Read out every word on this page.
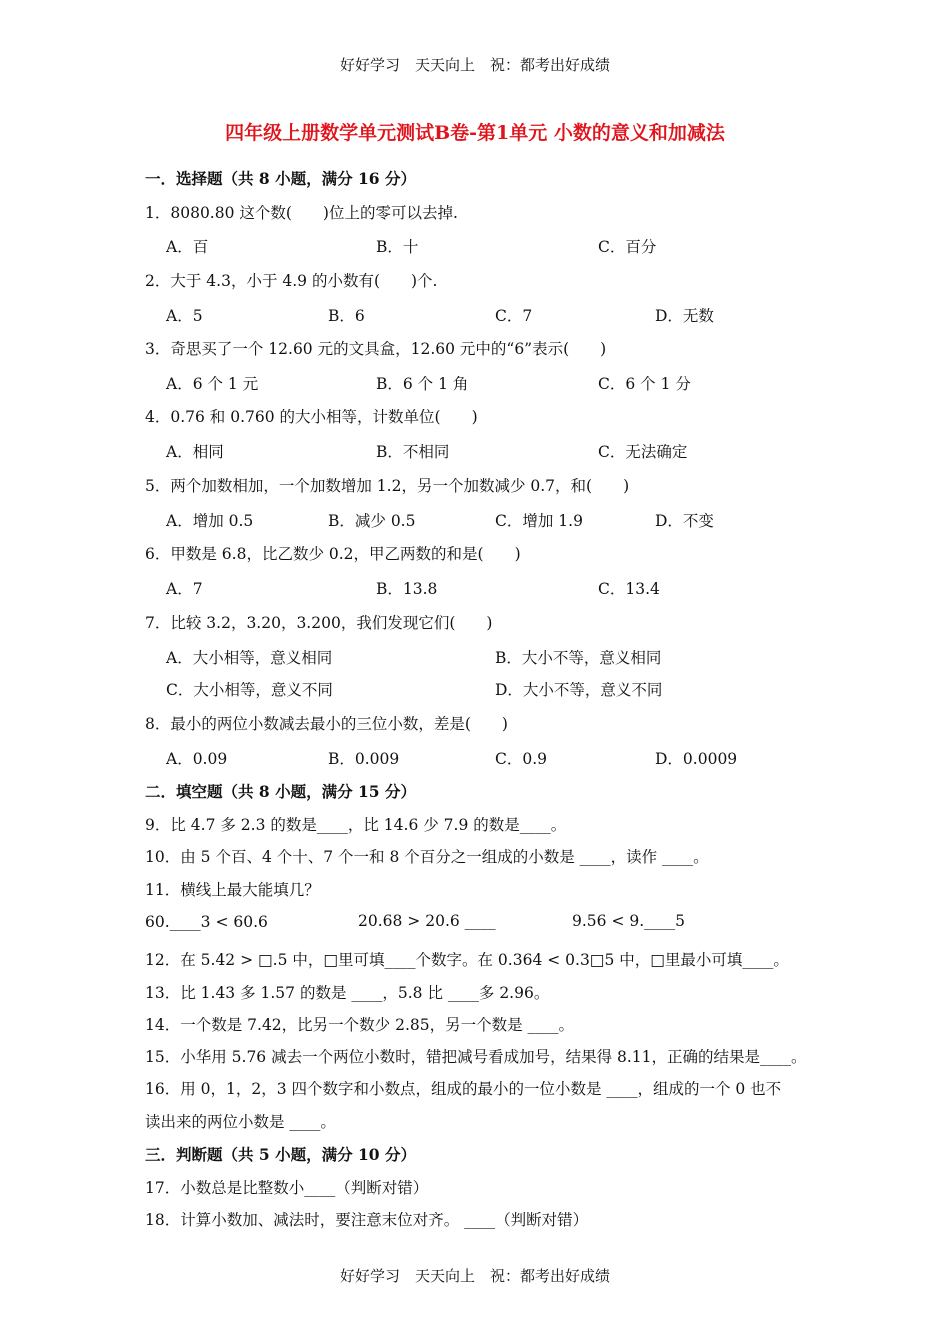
好好学习　天天向上　祝：都考出好成绩
四年级上册数学单元测试B卷-第1单元 小数的意义和加减法
一．选择题（共 8 小题，满分 16 分）
1．8080.80 这个数(　　)位上的零可以去掉.
A．百	B．十	C．百分
2．大于 4.3，小于 4.9 的小数有(　　)个.
A．5	B．6	C．7	D．无数
3．奇思买了一个 12.60 元的文具盒，12.60 元中的“6”表示(　　)
A．6 个 1 元	B．6 个 1 角	C．6 个 1 分
4．0.76 和 0.760 的大小相等，计数单位(　　)
A．相同	B．不相同	C．无法确定
5．两个加数相加，一个加数增加 1.2，另一个加数减少 0.7，和(　　)
A．增加 0.5	B．减少 0.5	C．增加 1.9	D．不变
6．甲数是 6.8，比乙数少 0.2，甲乙两数的和是(　　)
A．7	B．13.8	C．13.4
7．比较 3.2，3.20，3.200，我们发现它们(　　)
A．大小相等，意义相同	B．大小不等，意义相同
C．大小相等，意义不同	D．大小不等，意义不同
8．最小的两位小数减去最小的三位小数，差是(　　)
A．0.09	B．0.009	C．0.9	D．0.0009
二．填空题（共 8 小题，满分 15 分）
9．比 4.7 多 2.3 的数是____，比 14.6 少 7.9 的数是____。
10．由 5 个百、4 个十、7 个一和 8 个百分之一组成的小数是 ____，读作 ____。
11．横线上最大能填几？
60.____3 < 60.6	20.68 > 20.6 ____	9.56 < 9.____5
12．在 5.42 > □.5 中，□里可填____个数字。在 0.364 < 0.3□5 中，□里最小可填____。
13．比 1.43 多 1.57 的数是 ____，5.8 比 ____多 2.96。
14．一个数是 7.42，比另一个数少 2.85，另一个数是 ____。
15．小华用 5.76 减去一个两位小数时，错把减号看成加号，结果得 8.11，正确的结果是____。
16．用 0，1，2，3 四个数字和小数点，组成的最小的一位小数是 ____，组成的一个 0 也不
读出来的两位小数是 ____。
三．判断题（共 5 小题，满分 10 分）
17．小数总是比整数小____（判断对错）
18．计算小数加、减法时，要注意末位对齐。 ____（判断对错）
好好学习　天天向上　祝：都考出好成绩
